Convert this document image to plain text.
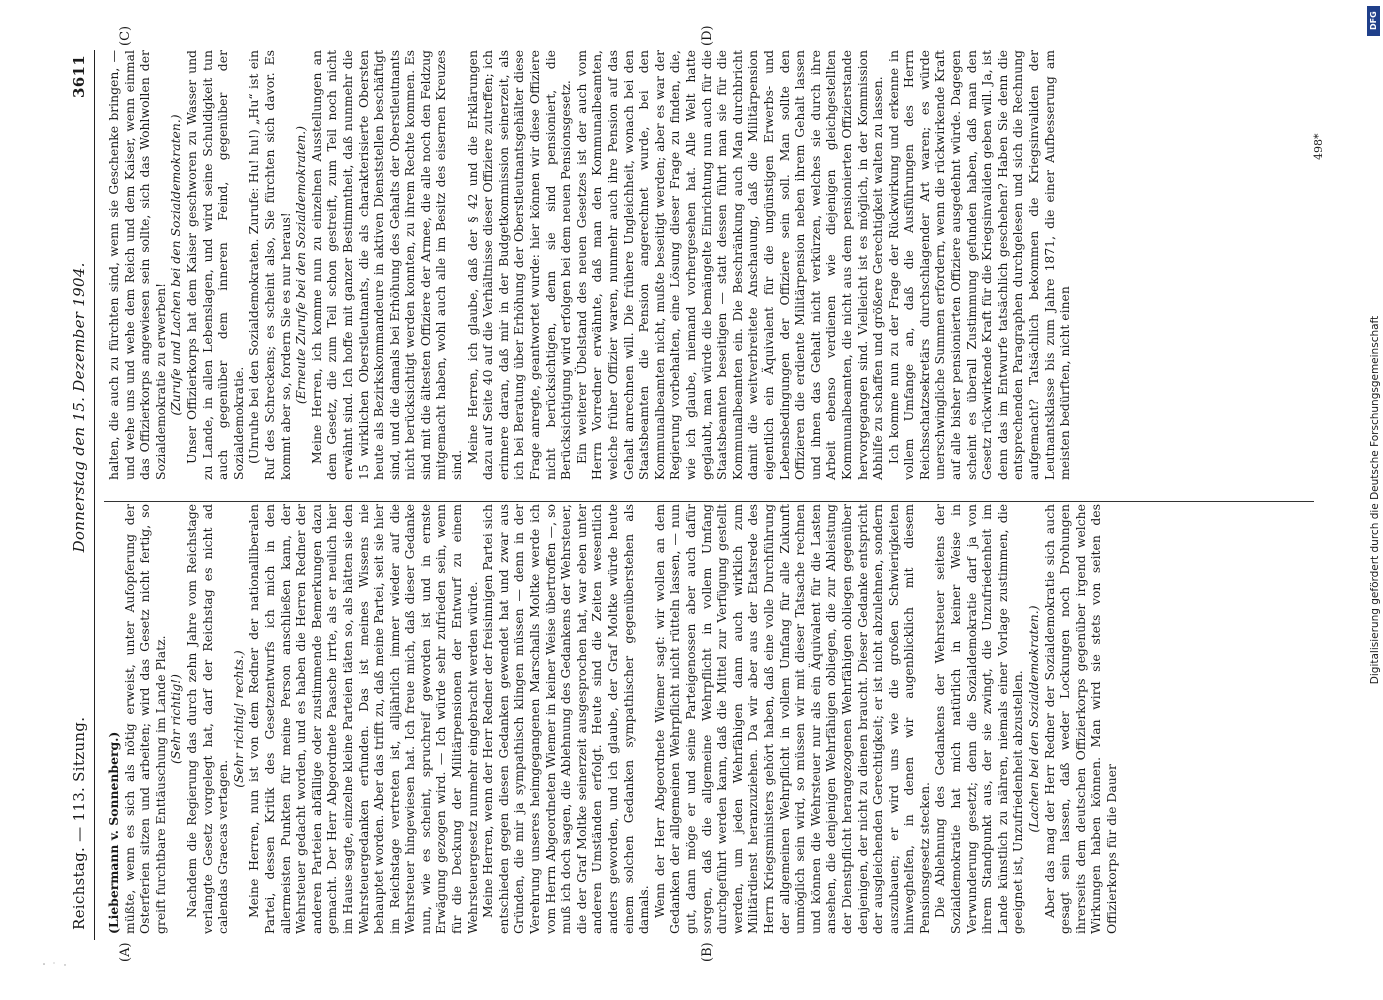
Reichstag. — 113. Sitzung.
Donnerstag den 15. Dezember 1904.
3611
(A)	(B)
(C)	(D)

(Liebermann v. Sonnenberg.) müßte, wenn es sich als nötig erweist, unter Aufopferung der Osterferien sitzen und arbeiten; wird das Gesetz nicht fertig, so greift furchtbare Enttäuschung im Lande Platz. (Sehr richtig!) Nachdem die Regierung das durch zehn Jahre vom Reichstage verlangte Gesetz vorgelegt hat, darf der Reichstag es nicht ad calendas Graecas vertagen.

(Sehr richtig! rechts.) Meine Herren, nun ist von dem Redner der nationalliberalen Partei, dessen Kritik des Gesetzentwurfs ich mich in den allermeisten Punkten für meine Person anschließen kann, der Wehrsteuer gedacht worden, und es haben die Herren Redner der anderen Parteien abfällige oder zustimmende Bemerkungen dazu gemacht. Der Herr Abgeordnete Paasche irrte, als er neulich hier im Hause sagte, einzelne kleine Parteien täten so, als hätten sie den Wehrsteuergedanken erfunden. Das ist meines Wissens nie behauptet worden. Aber das trifft zu, daß meine Partei, seit sie hier im Reichstage vertreten ist, alljährlich immer wieder auf die Wehrsteuer hingewiesen hat. Ich freue mich, daß dieser Gedanke nun, wie es scheint, spruchreif geworden ist und in ernste Erwägung gezogen wird. — Ich würde sehr zufrieden sein, wenn für die Deckung der Militärpensionen der Entwurf zu einem Wehrsteuergesetz nunmehr eingebracht werden würde. Meine Herren, wenn der Herr Redner der freisinnigen Partei sich entschieden gegen diesen Gedanken gewendet hat und zwar aus Gründen, die mir ja sympathisch klingen müssen — denn in der Verehrung unseres heimgegangenen Marschalls Moltke werde ich vom Herrn Abgeordneten Wiemer in keiner Weise übertroffen —, so muß ich doch sagen, die Ablehnung des Gedankens der Wehrsteuer, die der Graf Moltke seinerzeit ausgesprochen hat, war eben unter anderen Umständen erfolgt. Heute sind die Zeiten wesentlich anders geworden, und ich glaube, der Graf Moltke würde heute einem solchen Gedanken sympathischer gegenüberstehen als damals. Wenn der Herr Abgeordnete Wiemer sagt: wir wollen an dem Gedanken der allgemeinen Wehrpflicht nicht rütteln lassen, — nun gut, dann möge er und seine Parteigenossen aber auch dafür sorgen, daß die allgemeine Wehrpflicht in vollem Umfang durchgeführt werden kann, daß die Mittel zur Verfügung gestellt werden, um jeden Wehrfähigen dann auch wirklich zum Militärdienst heranzuziehen. Da wir aber aus der Etatsrede des Herrn Kriegsministers gehört haben, daß eine volle Durchführung der allgemeinen Wehrpflicht in vollem Umfang für alle Zukunft unmöglich sein wird, so müssen wir mit dieser Tatsache rechnen und können die Wehrsteuer nur als ein Äquivalent für die Lasten ansehen, die denjenigen Wehrfähigen obliegen, die zur Ableistung der Dienstpflicht herangezogenen Wehrfähigen obliegen gegenüber denjenigen, der nicht zu dienen braucht. Dieser Gedanke entspricht der ausgleichenden Gerechtigkeit; er ist nicht abzulehnen, sondern auszubauen; er wird uns wie die großen Schwierigkeiten hinweghelfen, in denen wir augenblicklich mit diesem Pensionsgesetz stecken. Die Ablehnung des Gedankens der Wehrsteuer seitens der Sozialdemokratie hat mich natürlich in keiner Weise in Verwunderung gesetzt; denn die Sozialdemokratie darf ja von ihrem Standpunkt aus, der sie zwingt, die Unzufriedenheit im Lande künstlich zu nähren, niemals einer Vorlage zustimmen, die geeignet ist, Unzufriedenheit abzustellen. (Lachen bei den Sozialdemokraten.) Aber das mag der Herr Redner der Sozialdemokratie sich auch gesagt sein lassen, daß weder Lockungen noch Drohungen ihrerseits dem deutschen Offizierkorps gegenüber irgend welche Wirkungen haben können. Man wird sie stets von seiten des Offizierkorps für die Dauer

halten, die auch zu fürchten sind, wenn sie Geschenke bringen, — und wehe uns und wehe dem Reich und dem Kaiser, wenn einmal das Offizierkorps angewiesen sein sollte, sich das Wohlwollen der Sozialdemokratie zu erwerben! (Zurufe und Lachen bei den Sozialdemokraten.) Unser Offizierkorps hat dem Kaiser geschworen zu Wasser und zu Lande, in allen Lebenslagen, und wird seine Schuldigkeit tun auch gegenüber dem inneren Feind, gegenüber der Sozialdemokratie. (Unruhe bei den Sozialdemokraten. Zurufe: Hu! hu!) „Hu“ ist ein Ruf des Schreckens; es scheint also, Sie fürchten sich davor. Es kommt aber so, fordern Sie es nur heraus! (Erneute Zurufe bei den Sozialdemokraten.) Meine Herren, ich komme nun zu einzelnen Ausstellungen an dem Gesetz, die zum Teil schon gestreift, zum Teil noch nicht erwähnt sind. Ich hoffe mit ganzer Bestimmtheit, daß nunmehr die 15 wirklichen Oberstleutnants, die als charakterisierte Obersten heute als Bezirkskommandeure in aktiven Dienststellen beschäftigt sind, und die damals bei Erhöhung des Gehalts der Oberstleutnants nicht berücksichtigt werden konnten, zu ihrem Rechte kommen. Es sind mit die ältesten Offiziere der Armee, die alle noch den Feldzug mitgemacht haben, wohl auch alle im Besitz des eisernen Kreuzes sind.

Meine Herren, ich glaube, daß der § 42 und die Erklärungen dazu auf Seite 40 auf die Verhältnisse dieser Offiziere zutreffen; ich erinnere daran, daß mir in der Budgetkommission seinerzeit, als ich bei Beratung über Erhöhung der Oberstleutnantsgehälter diese Frage anregte, geantwortet wurde: hier können wir diese Offiziere nicht berücksichtigen, denn sie sind pensioniert, die Berücksichtigung wird erfolgen bei dem neuen Pensionsgesetz. Ein weiterer Übelstand des neuen Gesetzes ist der auch vom Herrn Vorredner erwähnte, daß man den Kommunalbeamten, welche früher Offizier waren, nunmehr auch ihre Pension auf das Gehalt anrechnen will. Die frühere Ungleichheit, wonach bei den Staatsbeamten die Pension angerechnet wurde, bei den Kommunalbeamten nicht, mußte beseitigt werden; aber es war der Regierung vorbehalten, eine Lösung dieser Frage zu finden, die, wie ich glaube, niemand vorhergesehen hat. Alle Welt hatte geglaubt, man würde die bemängelte Einrichtung nun auch für die Staatsbeamten beseitigen — statt dessen führt man sie für die Kommunalbeamten ein. Die Beschränkung auch Man durchbricht damit die weitverbreitete Anschauung, daß die Militärpension eigentlich ein Äquivalent für die ungünstigen Erwerbs- und Lebensbedingungen der Offiziere sein soll. Man sollte den Offizieren die erdiente Militärpension neben ihrem Gehalt lassen und ihnen das Gehalt nicht verkürzen, welches sie durch ihre Arbeit ebenso verdienen wie diejenigen gleichgestellten Kommunalbeamten, die nicht aus dem pensionierten Offizierstande hervorgegangen sind. Vielleicht ist es möglich, in der Kommission Abhilfe zu schaffen und größere Gerechtigkeit walten zu lassen. Ich komme nun zu der Frage der Rückwirkung und erkenne in vollem Umfange an, daß die Ausführungen des Herrn Reichsschatzsekretärs durchschlagender Art waren; es würde unerschwingliche Summen erfordern, wenn die rückwirkende Kraft auf alle bisher pensionierten Offiziere ausgedehnt würde. Dagegen scheint es überall Zustimmung gefunden haben, daß man den Gesetz rückwirkende Kraft für die Kriegsinvaliden geben will. Ja, ist denn das im Entwurfe tatsächlich geschehen? Haben Sie denn die entsprechenden Paragraphen durchgelesen und sich die Rechnung aufgemacht? Tatsächlich bekommen die Kriegsinvaliden der Leutnantsklasse bis zum Jahre 1871, die einer Aufbesserung am meisten bedürften, nicht einen

498*
Digitalisierung gefördert durch die Deutsche Forschungsgemeinschaft
DFG
